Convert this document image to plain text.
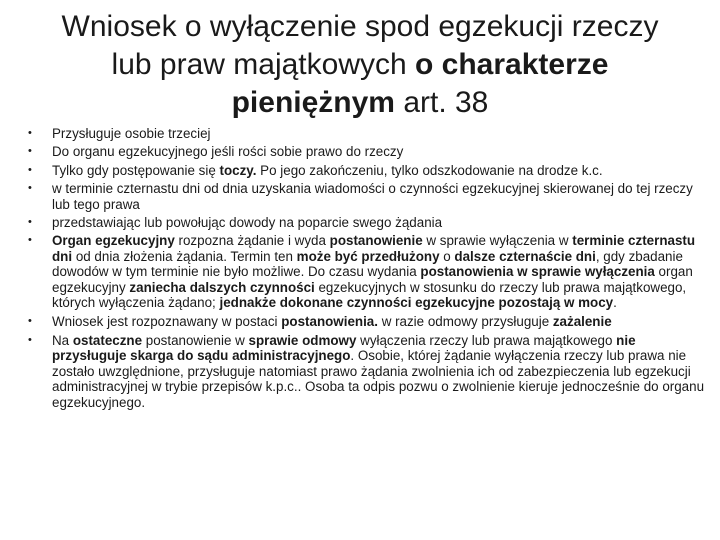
Wniosek o wyłączenie spod egzekucji rzeczy lub praw majątkowych o charakterze pieniężnym art. 38
• Przysługuje osobie trzeciej
• Do organu egzekucyjnego jeśli rości sobie prawo do rzeczy
• Tylko gdy postępowanie się toczy. Po jego zakończeniu, tylko odszkodowanie na drodze k.c.
• w terminie czternastu dni od dnia uzyskania wiadomości o czynności egzekucyjnej skierowanej do tej rzeczy lub tego prawa
• przedstawiając lub powołując dowody na poparcie swego żądania
• Organ egzekucyjny rozpozna żądanie i wyda postanowienie w sprawie wyłączenia w terminie czternastu dni od dnia złożenia żądania. Termin ten może być przedłużony o dalsze czternaście dni, gdy zbadanie dowodów w tym terminie nie było możliwe. Do czasu wydania postanowienia w sprawie wyłączenia organ egzekucyjny zaniecha dalszych czynności egzekucyjnych w stosunku do rzeczy lub prawa majątkowego, których wyłączenia żądano; jednakże dokonane czynności egzekucyjne pozostają w mocy.
• Wniosek jest rozpoznawany w postaci postanowienia. w razie odmowy przysługuje zażalenie
• Na ostateczne postanowienie w sprawie odmowy wyłączenia rzeczy lub prawa majątkowego nie przysługuje skarga do sądu administracyjnego. Osobie, której żądanie wyłączenia rzeczy lub prawa nie zostało uwzględnione, przysługuje natomiast prawo żądania zwolnienia ich od zabezpieczenia lub egzekucji administracyjnej w trybie przepisów k.p.c.. Osoba ta odpis pozwu o zwolnienie kieruje jednocześnie do organu egzekucyjnego.
